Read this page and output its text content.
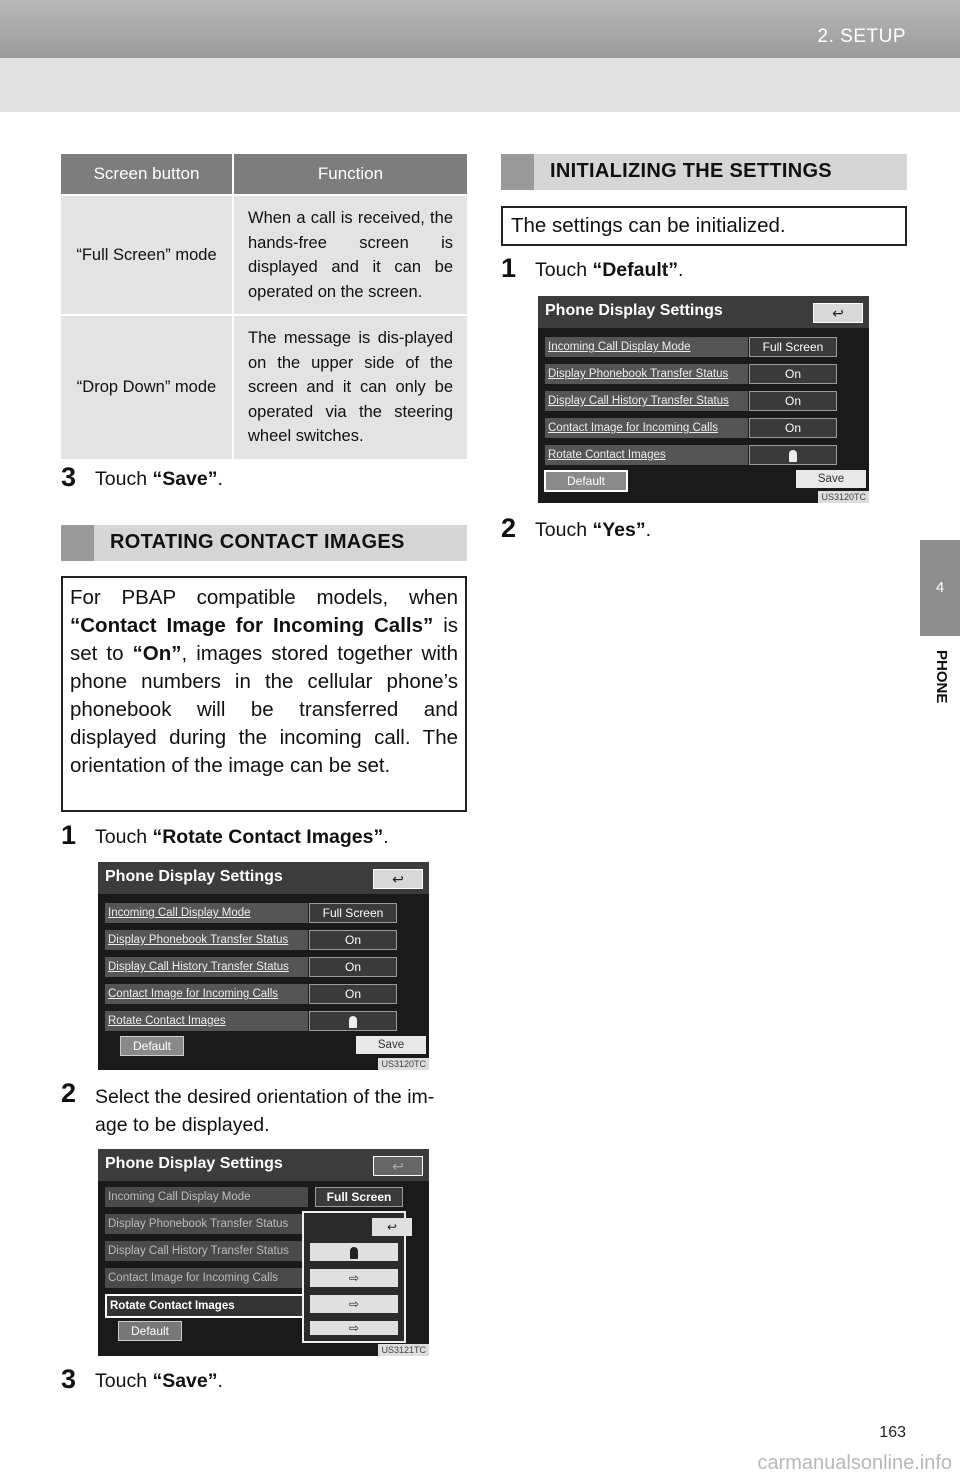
2. SETUP
4
PHONE
Screen button	Function
“Full Screen” mode	When a call is received, the hands-free screen is displayed and it can be operated on the screen.
“Drop Down” mode	The message is dis-played on the upper side of the screen and it can only be operated via the steering wheel switches.
3 Touch “Save”.
ROTATING CONTACT IMAGES
For PBAP compatible models, when “Contact Image for Incoming Calls” is set to “On”, images stored together with phone numbers in the cellular phone’s phonebook will be transferred and displayed during the incoming call. The orientation of the image can be set.
1 Touch “Rotate Contact Images”.
Phone Display Settings	↩
Incoming Call Display Mode	Full Screen
Display Phonebook Transfer Status	On
Display Call History Transfer Status	On
Contact Image for Incoming Calls	On
Rotate Contact Images
Default	Save
US3120TC
2 Select the desired orientation of the im-
age to be displayed.
Phone Display Settings	↩
Incoming Call Display Mode	Full Screen
Display Phonebook Transfer Status
Display Call History Transfer Status
Contact Image for Incoming Calls
Rotate Contact Images
Default
↩
⇨
⇨
⇨
US3121TC
3 Touch “Save”.
INITIALIZING THE SETTINGS
The settings can be initialized.
1 Touch “Default”.
Phone Display Settings	↩
Incoming Call Display Mode	Full Screen
Display Phonebook Transfer Status	On
Display Call History Transfer Status	On
Contact Image for Incoming Calls	On
Rotate Contact Images
Default	Save
US3120TC
2 Touch “Yes”.
163
carmanualsonline.info
